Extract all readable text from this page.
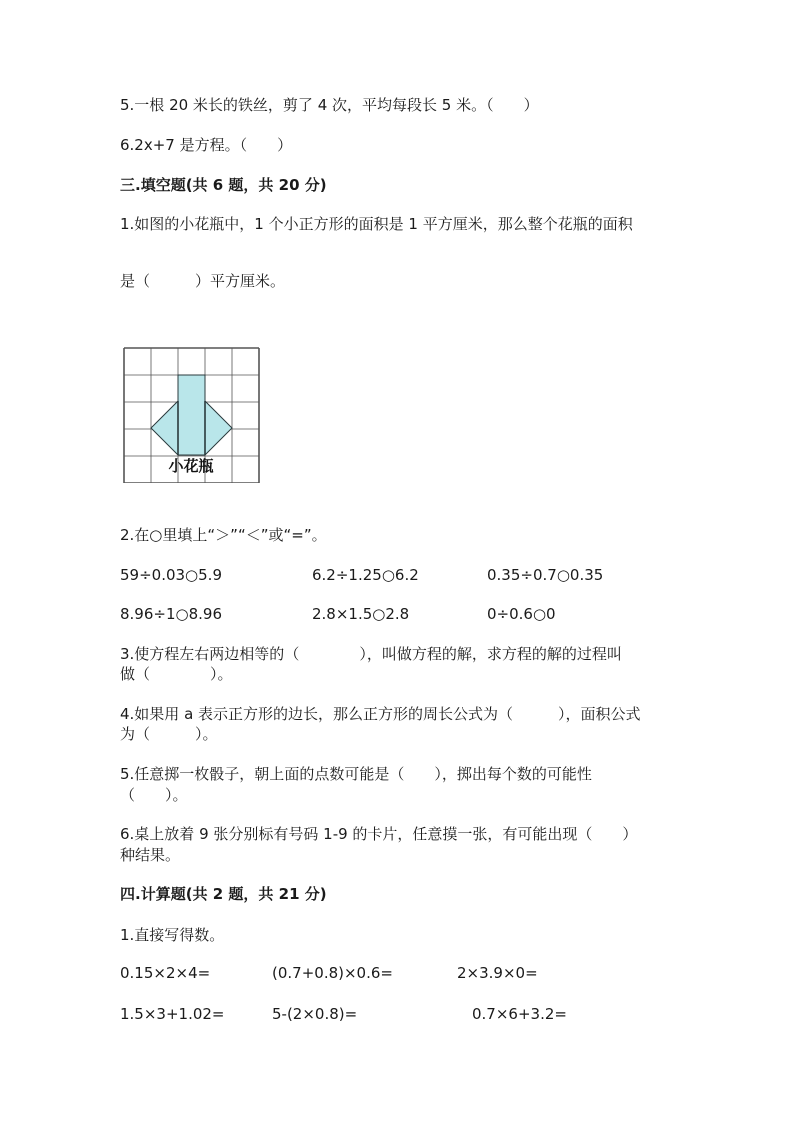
5.一根 20 米长的铁丝，剪了 4 次，平均每段长 5 米。（　　）
6.2x+7 是方程。（　　）
三.填空题(共 6 题，共 20 分)
1.如图的小花瓶中，1 个小正方形的面积是 1 平方厘米，那么整个花瓶的面积
是（　　　）平方厘米。
小花瓶
2.在○里填上“＞”“＜”或“=”。
59÷0.03○5.9	6.2÷1.25○6.2	0.35÷0.7○0.35
8.96÷1○8.96	2.8×1.5○2.8	0÷0.6○0
3.使方程左右两边相等的（　　　　），叫做方程的解，求方程的解的过程叫
做（　　　　）。
4.如果用 a 表示正方形的边长，那么正方形的周长公式为（　　　），面积公式
为（　　　）。
5.任意掷一枚骰子，朝上面的点数可能是（　　），掷出每个数的可能性
（　　）。
6.桌上放着 9 张分别标有号码 1-9 的卡片，任意摸一张，有可能出现（　　）
种结果。
四.计算题(共 2 题，共 21 分)
1.直接写得数。
0.15×2×4=	(0.7+0.8)×0.6=	2×3.9×0=
1.5×3+1.02=	5-(2×0.8)=	0.7×6+3.2=
